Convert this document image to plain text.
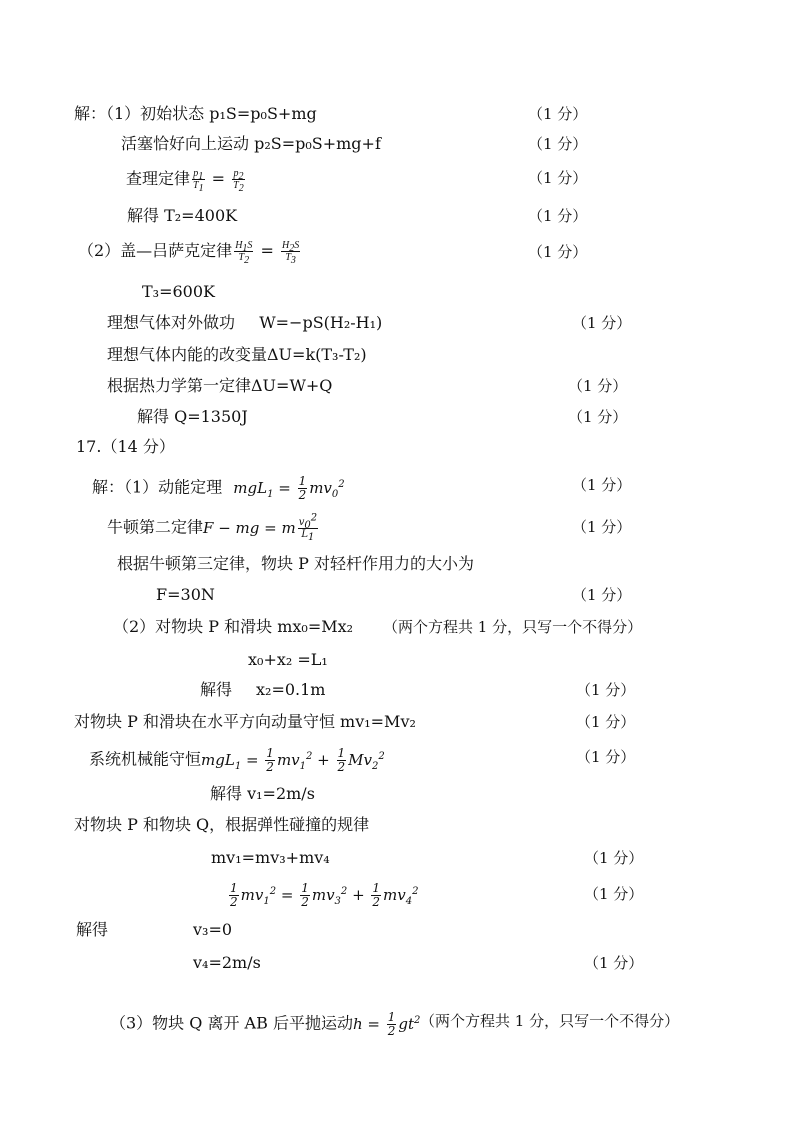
解：（1）初始状态 p₁S=p₀S+mg	（1 分）
活塞恰好向上运动 p₂S=p₀S+mg+f	（1 分）
查理定律 $\frac{p_1}{T_1} = \frac{p_2}{T_2}$	（1 分）
解得 T₂=400K	（1 分）
（2）盖—吕萨克定律 $\frac{H_1S}{T_2} = \frac{H_2S}{T_3}$	（1 分）
T₃=600K
理想气体对外做功 W=−pS(H₂-H₁)	（1 分）
理想气体内能的改变量ΔU=k(T₃-T₂)
根据热力学第一定律ΔU=W+Q	（1 分）
解得 Q=1350J	（1 分）
17.（14 分）
解：（1）动能定理 $mgL_1 = \frac{1}{2} mv_0^2$	（1 分）
牛顿第二定律F − mg = m $\frac{v_0^2}{L_1}$	（1 分）
根据牛顿第三定律，物块 P 对轻杆作用力的大小为
F=30N	（1 分）
（2）对物块 P 和滑块 mx₀=Mx₂ （两个方程共 1 分，只写一个不得分）
x₀+x₂ =L₁
解得 x₂=0.1m	（1 分）
对物块 P 和滑块在水平方向动量守恒 mv₁=Mv₂	（1 分）
系统机械能守恒$mgL_1 = \frac{1}{2} mv_1^2 + \frac{1}{2} Mv_2^2$	（1 分）
解得 v₁=2m/s
对物块 P 和物块 Q，根据弹性碰撞的规律
mv₁=mv₃+mv₄	（1 分）
$\frac{1}{2} mv_1^2 = \frac{1}{2} mv_3^2 + \frac{1}{2} mv_4^2$	（1 分）
解得	v₃=0
v₄=2m/s	（1 分）
（3）物块 Q 离开 AB 后平抛运动$h = \frac{1}{2} gt^2$ （两个方程共 1 分，只写一个不得分）
